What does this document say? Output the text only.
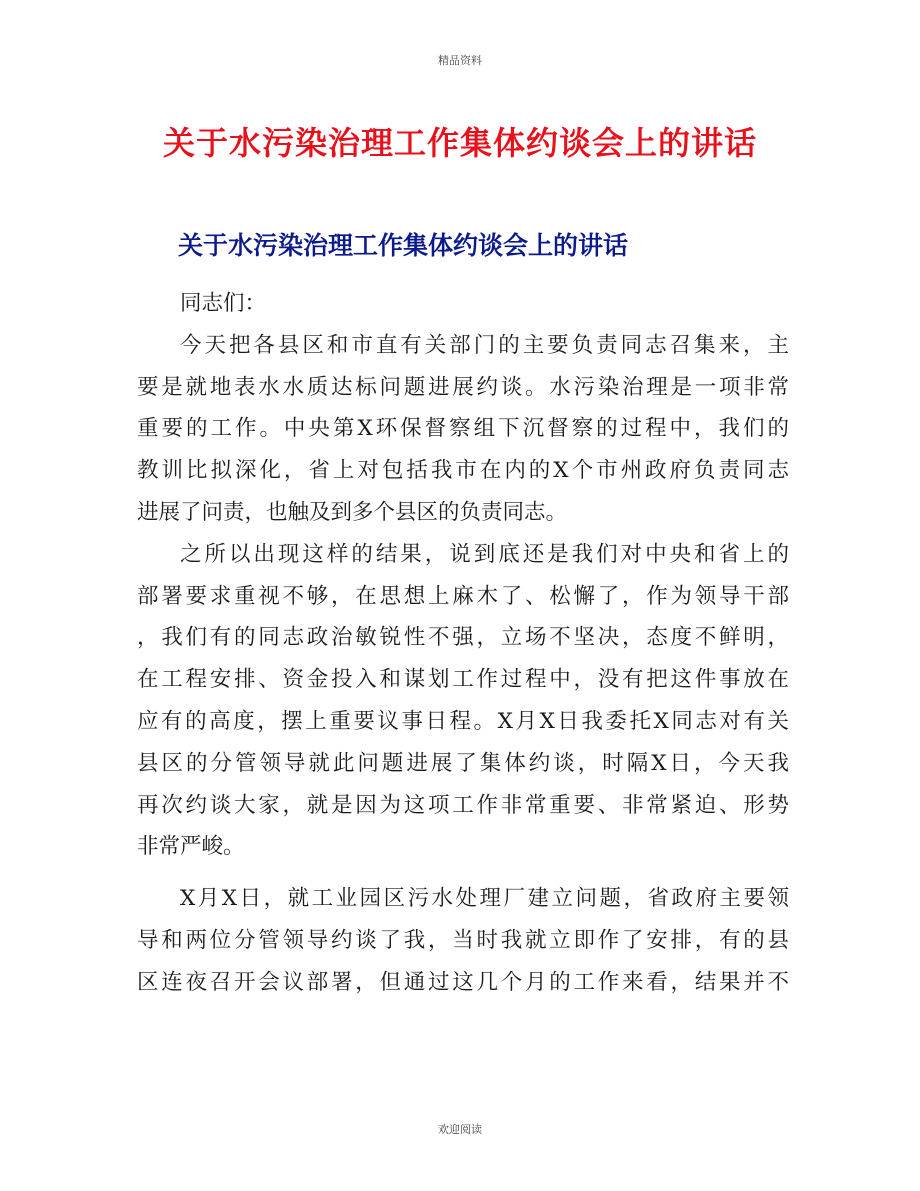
精品资料
关于水污染治理工作集体约谈会上的讲话
关于水污染治理工作集体约谈会上的讲话

同志们：

今天把各县区和市直有关部门的主要负责同志召集来，主
要是就地表水水质达标问题进展约谈。水污染治理是一项非常
重要的工作。中央第X环保督察组下沉督察的过程中，我们的
教训比拟深化，省上对包括我市在内的X个市州政府负责同志
进展了问责，也触及到多个县区的负责同志。

之所以出现这样的结果，说到底还是我们对中央和省上的
部署要求重视不够，在思想上麻木了、松懈了，作为领导干部
，我们有的同志政治敏锐性不强，立场不坚决，态度不鲜明，
在工程安排、资金投入和谋划工作过程中，没有把这件事放在
应有的高度，摆上重要议事日程。X月X日我委托X同志对有关
县区的分管领导就此问题进展了集体约谈，时隔X日，今天我
再次约谈大家，就是因为这项工作非常重要、非常紧迫、形势
非常严峻。

X月X日，就工业园区污水处理厂建立问题，省政府主要领
导和两位分管领导约谈了我，当时我就立即作了安排，有的县
区连夜召开会议部署，但通过这几个月的工作来看，结果并不

欢迎阅读
